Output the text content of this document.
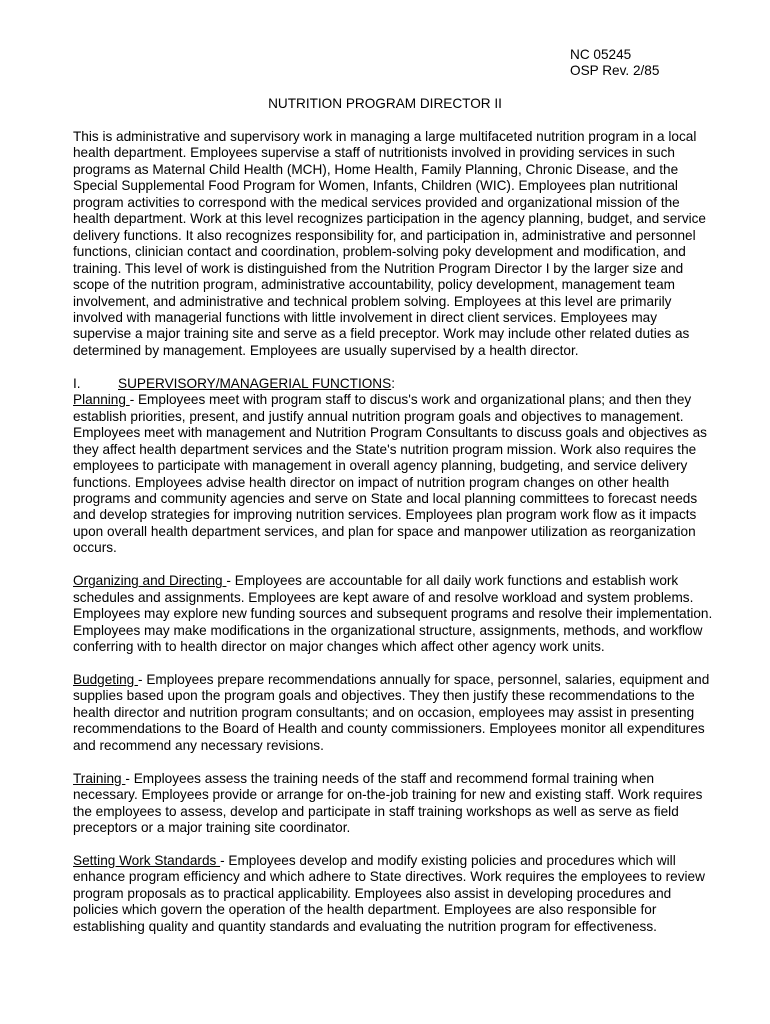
NC 05245
OSP Rev. 2/85
NUTRITION PROGRAM DIRECTOR II

This is administrative and supervisory work in managing a large multifaceted nutrition program in a local health department. Employees supervise a staff of nutritionists involved in providing services in such programs as Maternal Child Health (MCH), Home Health, Family Planning, Chronic Disease, and the Special Supplemental Food Program for Women, Infants, Children (WIC). Employees plan nutritional program activities to correspond with the medical services provided and organizational mission of the health department. Work at this level recognizes participation in the agency planning, budget, and service delivery functions. It also recognizes responsibility for, and participation in, administrative and personnel functions, clinician contact and coordination, problem-solving poky development and modification, and training. This level of work is distinguished from the Nutrition Program Director I by the larger size and scope of the nutrition program, administrative accountability, policy development, management team involvement, and administrative and technical problem solving. Employees at this level are primarily involved with managerial functions with little involvement in direct client services. Employees may supervise a major training site and serve as a field preceptor. Work may include other related duties as determined by management. Employees are usually supervised by a health director.

I.	SUPERVISORY/MANAGERIAL FUNCTIONS:

Planning - Employees meet with program staff to discus's work and organizational plans; and then they establish priorities, present, and justify annual nutrition program goals and objectives to management. Employees meet with management and Nutrition Program Consultants to discuss goals and objectives as they affect health department services and the State's nutrition program mission. Work also requires the employees to participate with management in overall agency planning, budgeting, and service delivery functions. Employees advise health director on impact of nutrition program changes on other health programs and community agencies and serve on State and local planning committees to forecast needs and develop strategies for improving nutrition services. Employees plan program work flow as it impacts upon overall health department services, and plan for space and manpower utilization as reorganization occurs.

Organizing and Directing - Employees are accountable for all daily work functions and establish work schedules and assignments. Employees are kept aware of and resolve workload and system problems. Employees may explore new funding sources and subsequent programs and resolve their implementation. Employees may make modifications in the organizational structure, assignments, methods, and workflow conferring with to health director on major changes which affect other agency work units.

Budgeting - Employees prepare recommendations annually for space, personnel, salaries, equipment and supplies based upon the program goals and objectives. They then justify these recommendations to the health director and nutrition program consultants; and on occasion, employees may assist in presenting recommendations to the Board of Health and county commissioners. Employees monitor all expenditures and recommend any necessary revisions.

Training - Employees assess the training needs of the staff and recommend formal training when necessary. Employees provide or arrange for on-the-job training for new and existing staff. Work requires the employees to assess, develop and participate in staff training workshops as well as serve as field preceptors or a major training site coordinator.

Setting Work Standards - Employees develop and modify existing policies and procedures which will enhance program efficiency and which adhere to State directives. Work requires the employees to review program proposals as to practical applicability. Employees also assist in developing procedures and policies which govern the operation of the health department. Employees are also responsible for establishing quality and quantity standards and evaluating the nutrition program for effectiveness.
